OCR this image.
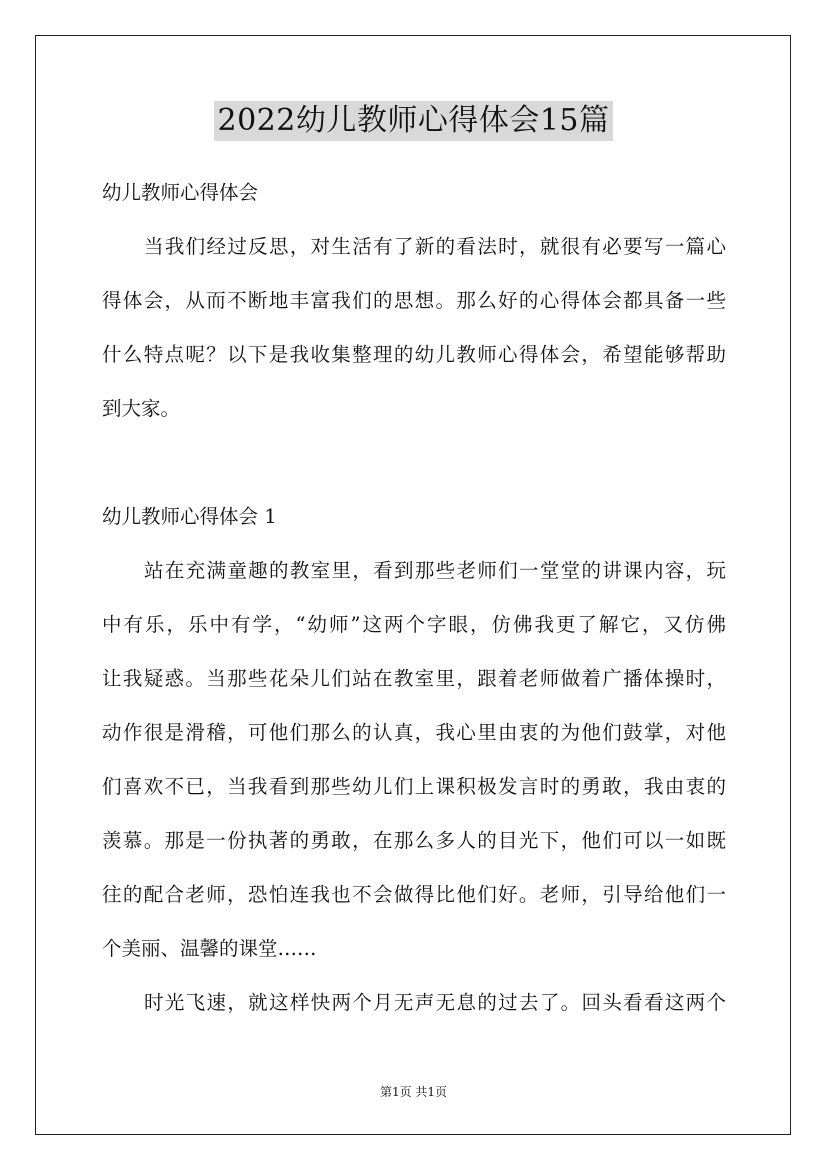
2022幼儿教师心得体会15篇
幼儿教师心得体会
当我们经过反思，对生活有了新的看法时，就很有必要写一篇心
得体会，从而不断地丰富我们的思想。那么好的心得体会都具备一些
什么特点呢？以下是我收集整理的幼儿教师心得体会，希望能够帮助
到大家。
幼儿教师心得体会 1
站在充满童趣的教室里，看到那些老师们一堂堂的讲课内容，玩
中有乐，乐中有学，“幼师”这两个字眼，仿佛我更了解它，又仿佛
让我疑惑。当那些花朵儿们站在教室里，跟着老师做着广播体操时，
动作很是滑稽，可他们那么的认真，我心里由衷的为他们鼓掌，对他
们喜欢不已，当我看到那些幼儿们上课积极发言时的勇敢，我由衷的
羡慕。那是一份执著的勇敢，在那么多人的目光下，他们可以一如既
往的配合老师，恐怕连我也不会做得比他们好。老师，引导给他们一
个美丽、温馨的课堂……
时光飞速，就这样快两个月无声无息的过去了。回头看看这两个
第1页 共1页
